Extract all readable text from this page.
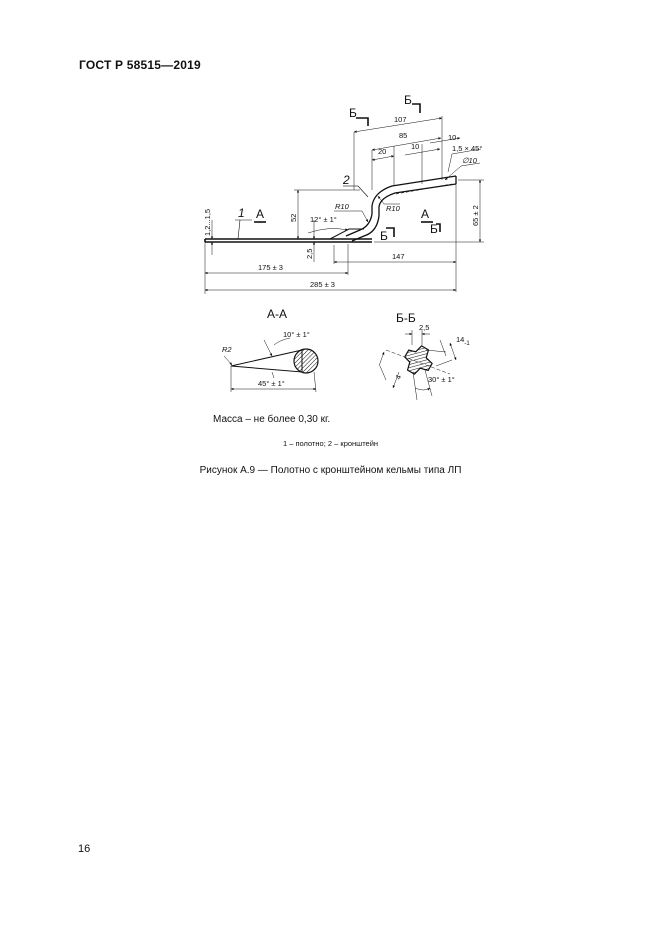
ГОСТ Р 58515—2019
1
2
А	А
Б
Б
Б	Б
107
85
20
10
10
1,5 × 45°
∅10
R10	R10
12° ± 1°
1,2...1,5	52
2,5
65 ± 2
147
175 ± 3
285 ± 3
А-А
R2
10° ± 1°
45° ± 1°
Б-Б
2,5
$14_{-1}$
4	30° ± 1°
Масса – не более 0,30 кг.
1 – полотно; 2 – кронштейн
Рисунок А.9 — Полотно с кронштейном кельмы типа ЛП
16
